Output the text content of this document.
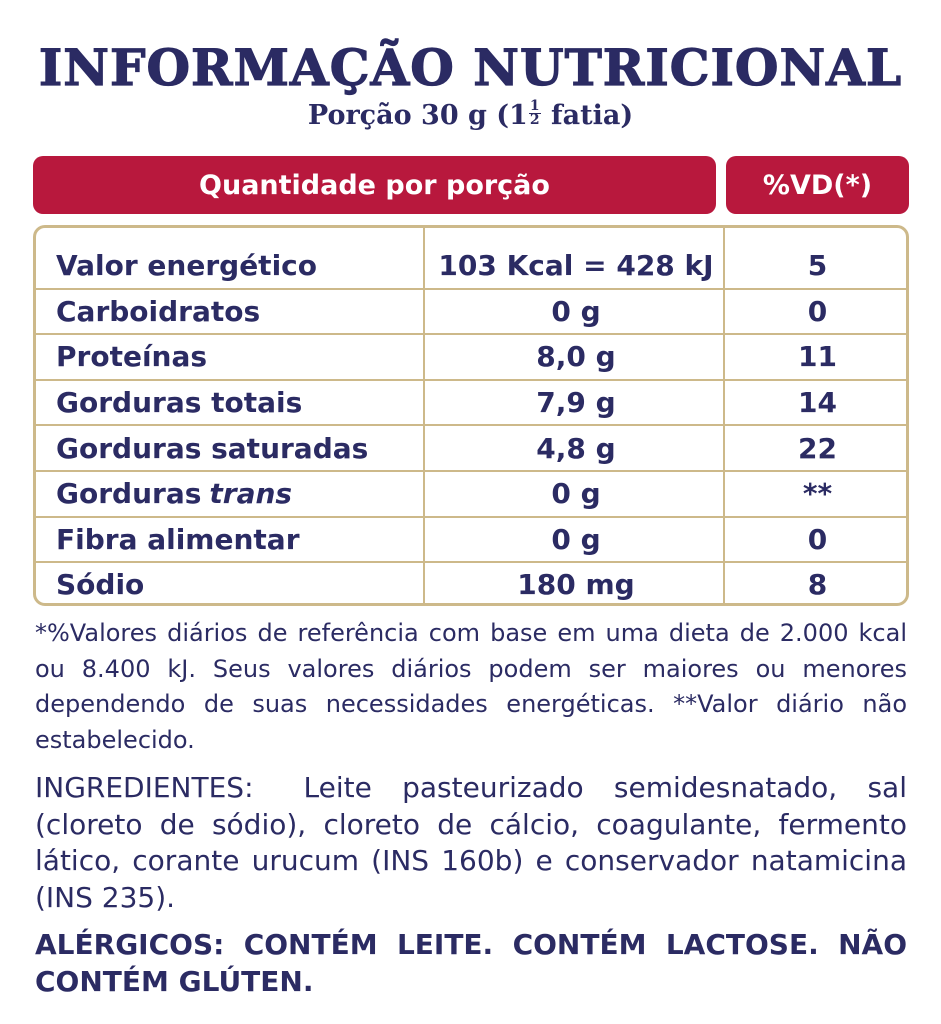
INFORMAÇÃO NUTRICIONAL
Porção 30 g ($1 \frac{1}{2}$ fatia)
Quantidade por porção	%VD(*)
Valor energético	103 Kcal = 428 kJ	5
Carboidratos	0 g	0
Proteínas	8,0 g	11
Gorduras totais	7,9 g	14
Gorduras saturadas	4,8 g	22
Gorduras trans	0 g	**
Fibra alimentar	0 g	0
Sódio	180 mg	8
*%Valores diários de referência com base em uma dieta de 2.000 kcal ou 8.400 kJ. Seus valores diários podem ser maiores ou menores dependendo de suas necessidades energéticas. **Valor diário não estabelecido.
INGREDIENTES: Leite pasteurizado semidesnatado, sal (cloreto de sódio), cloreto de cálcio, coagulante, fermento lático, corante urucum (INS 160b) e conservador natamicina (INS 235).
ALÉRGICOS: CONTÉM LEITE. CONTÉM LACTOSE. NÃO CONTÉM GLÚTEN.
